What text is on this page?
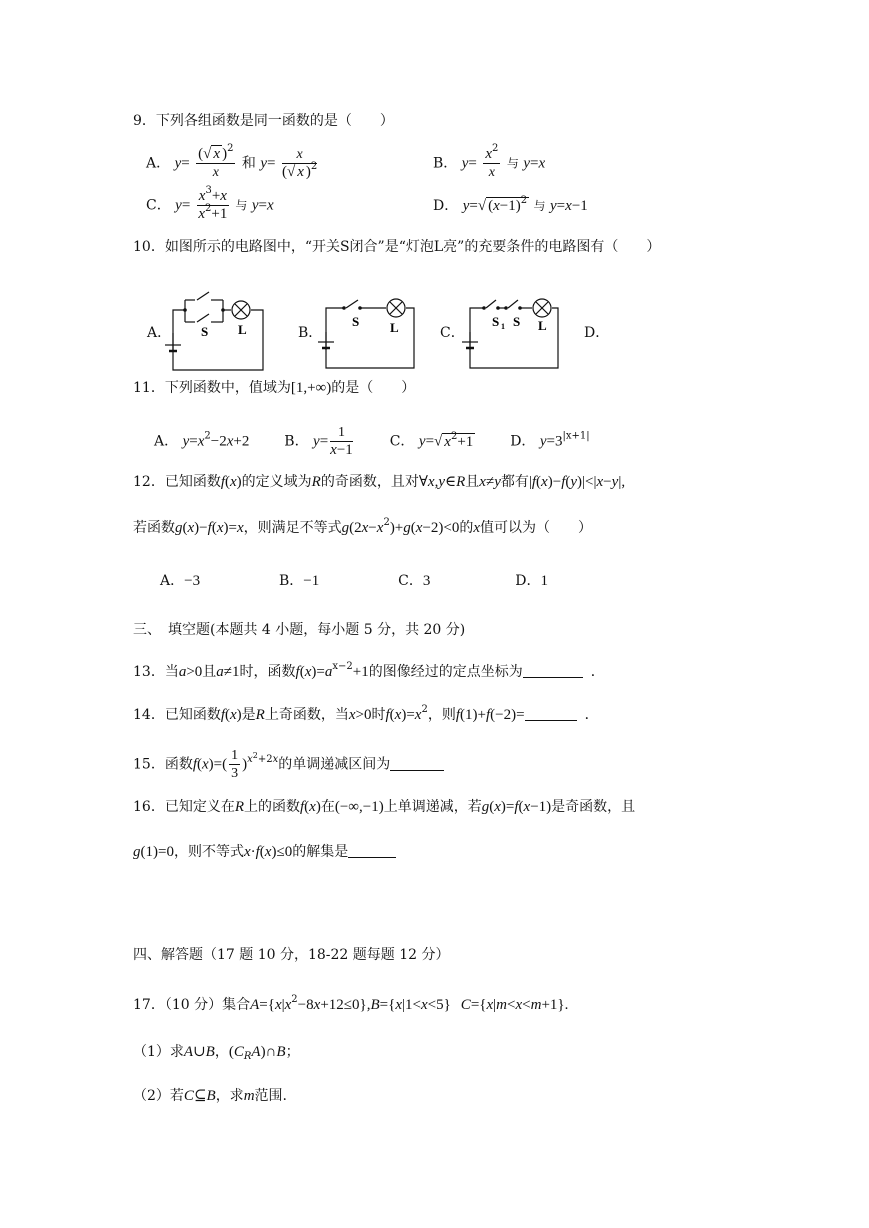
9．下列各组函数是同一函数的是（　　）
A． $y= \frac{(√ x )^2}{x}$ 和 $y= \frac{x}{(√ x )^2}$	B． $y= \frac{x^2}{x}$ 与 y=x
C． $y= \frac{x^3+x}{x^2+1}$ 与 y=x	D． y=√ $(x-1)^2$ 与 y=x−1
10．如图所示的电路图中，“开关S闭合”是“灯泡L亮”的充要条件的电路图有（　　）
A．	B．	C．	D．
S L
S L	S 1 S L
11．下列函数中，值域为[1,+∞)的是（　　）
A． $y=x^2-2x+2$ B． $y= \frac{1}{x-1}$	C． y=√ $x^2+1$	D． $y=3^{|x+1|}$
12．已知函数f(x)的定义域为R的奇函数，且对∀x,y∈R且x≠y都有|f(x)−f(y)|<|x−y|,
若函数g(x)−f(x)=x，则满足不等式$g(2x-x^2)+g(x-2)<0$的x值可以为（　　）
A．−3	B．−1	C．3	D．1
三、　填空题(本题共 4 小题，每小题 5 分，共 20 分)
13．当a>0且a≠1时，函数$f(x)=a^{x-2}+1$的图像经过的定点坐标为	．
14．已知函数f(x)是R上奇函数，当x>0时$f(x)=x^2$，则f(1)+f(−2)=	．
15．函数$f(x)=( \frac{1}{3} )^{x^2+2x}$的单调递减区间为
16．已知定义在R上的函数f(x)在(−∞,−1)上单调递减，若g(x)=f(x−1)是奇函数，且
g(1)=0，则不等式x·f(x)≤0的解集是
四、解答题（17 题 10 分，18-22 题每题 12 分）
17．（10 分）集合$A=\{x|x^2-8x+12\le 0\},B=\{x|1<x<5\}$ C={x|m<x<m+1}.
（1）求A∪B，$(C_RA)\cap B$；
（2）若C⊆B，求m范围.
